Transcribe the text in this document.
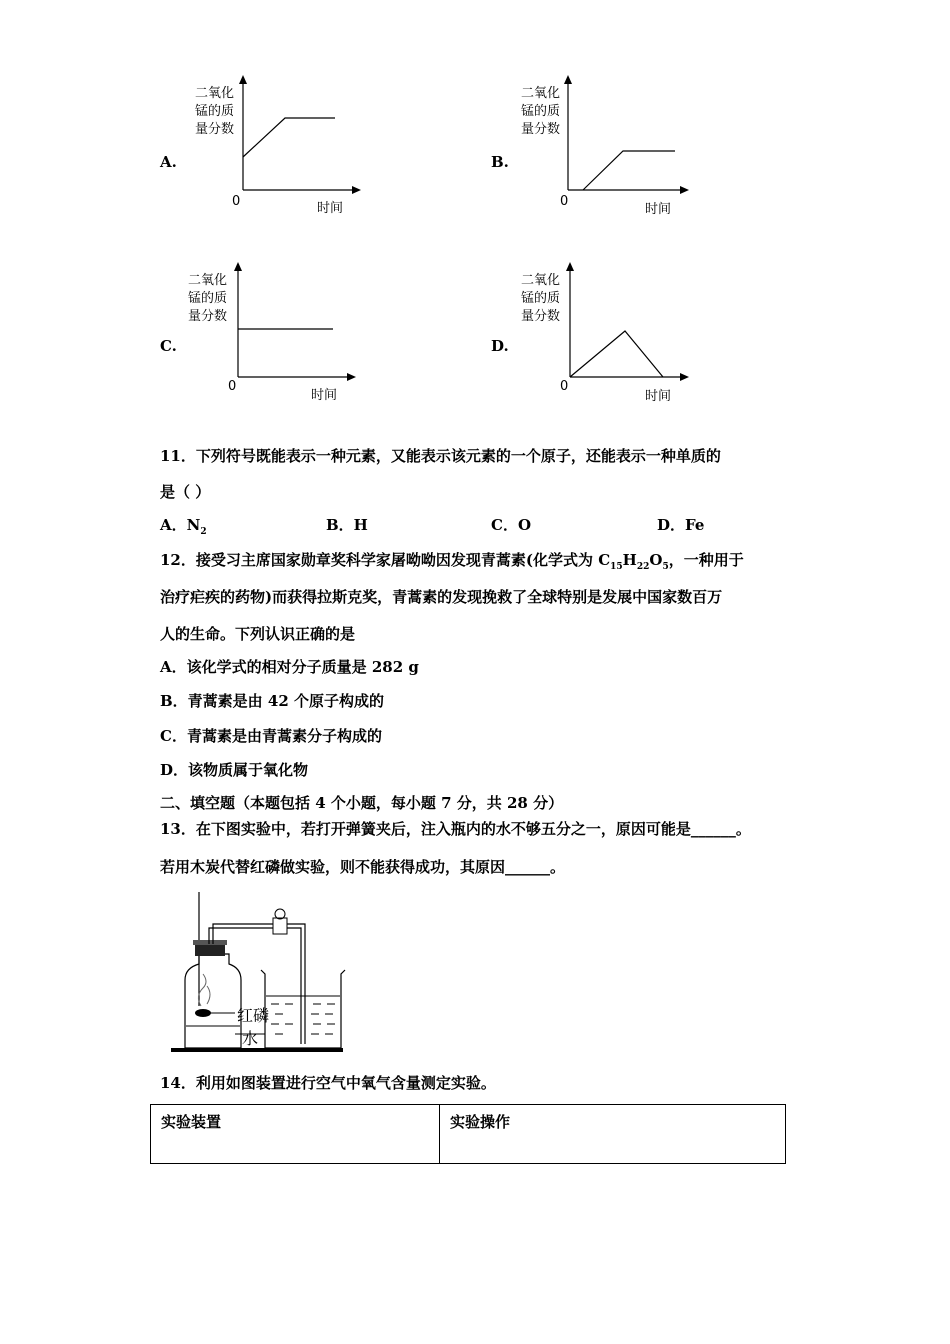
A.	B.
C.	D.
二氧化
锰的质
量分数
0	时间
二氧化
锰的质
量分数
0
时间
二氧化
锰的质
量分数
0
时间
二氧化
锰的质
量分数
0
时间
11．下列符号既能表示一种元素，又能表示该元素的一个原子，还能表示一种单质的
是（ ）
A．$N_2$	B．H	C．O	D．Fe
12．接受习主席国家勋章奖科学家屠呦呦因发现青蒿素(化学式为 $C_{15}H_{22}O_5$，一种用于
治疗疟疾的药物)而获得拉斯克奖，青蒿素的发现挽救了全球特别是发展中国家数百万
人的生命。下列认识正确的是
A．该化学式的相对分子质量是 282 g
B．青蒿素是由 42 个原子构成的
C．青蒿素是由青蒿素分子构成的
D．该物质属于氧化物
二、填空题（本题包括 4 个小题，每小题 7 分，共 28 分）
13．在下图实验中，若打开弹簧夹后，注入瓶内的水不够五分之一，原因可能是______。
若用木炭代替红磷做实验，则不能获得成功，其原因______。
红磷
水
14．利用如图装置进行空气中氧气含量测定实验。
实验装置	实验操作
